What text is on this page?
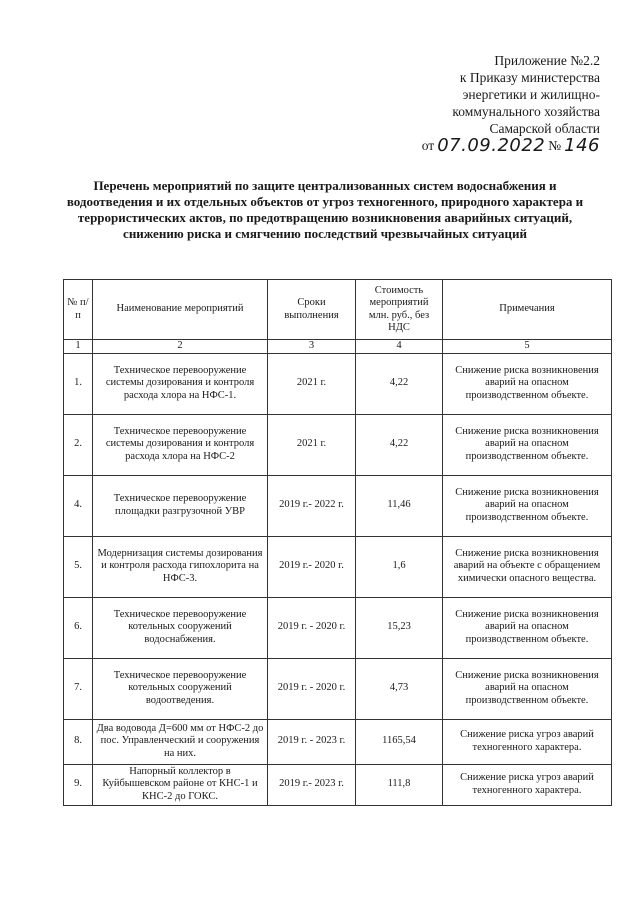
Приложение №2.2
к Приказу министерства
энергетики и жилищно-
коммунального хозяйства
Самарской области
от 07.09.2022 № 146
Перечень мероприятий по защите централизованных систем водоснабжения и водоотведения и их отдельных объектов от угроз техногенного, природного характера и террористических актов, по предотвращению возникновения аварийных ситуаций, снижению риска и смягчению последствий чрезвычайных ситуаций
№ п/п	Наименование мероприятий	Сроки выполнения	Стоимость мероприятий млн. руб., без НДС	Примечания
1	2	3	4	5
1.	Техническое перевооружение системы дозирования и контроля расхода хлора на НФС-1.	2021 г.	4,22	Снижение риска возникновения аварий на опасном производственном объекте.
2.	Техническое перевооружение системы дозирования и контроля расхода хлора на НФС-2	2021 г.	4,22	Снижение риска возникновения аварий на опасном производственном объекте.
4.	Техническое перевооружение площадки разгрузочной УВР	2019 г.- 2022 г.	11,46	Снижение риска возникновения аварий на опасном производственном объекте.
5.	Модернизация системы дозирования и контроля расхода гипохлорита на НФС-3.	2019 г.- 2020 г.	1,6	Снижение риска возникновения аварий на объекте с обращением химически опасного вещества.
6.	Техническое перевооружение котельных сооружений водоснабжения.	2019 г. - 2020 г.	15,23	Снижение риска возникновения аварий на опасном производственном объекте.
7.	Техническое перевооружение котельных сооружений водоотведения.	2019 г. - 2020 г.	4,73	Снижение риска возникновения аварий на опасном производственном объекте.
8.	Два водовода Д=600 мм от НФС-2 до пос. Управленческий и сооружения на них.	2019 г. - 2023 г.	1165,54	Снижение риска угроз аварий техногенного характера.
9.	Напорный коллектор в Куйбышевском районе от КНС-1 и КНС-2 до ГОКС.	2019 г.- 2023 г.	111,8	Снижение риска угроз аварий техногенного характера.
